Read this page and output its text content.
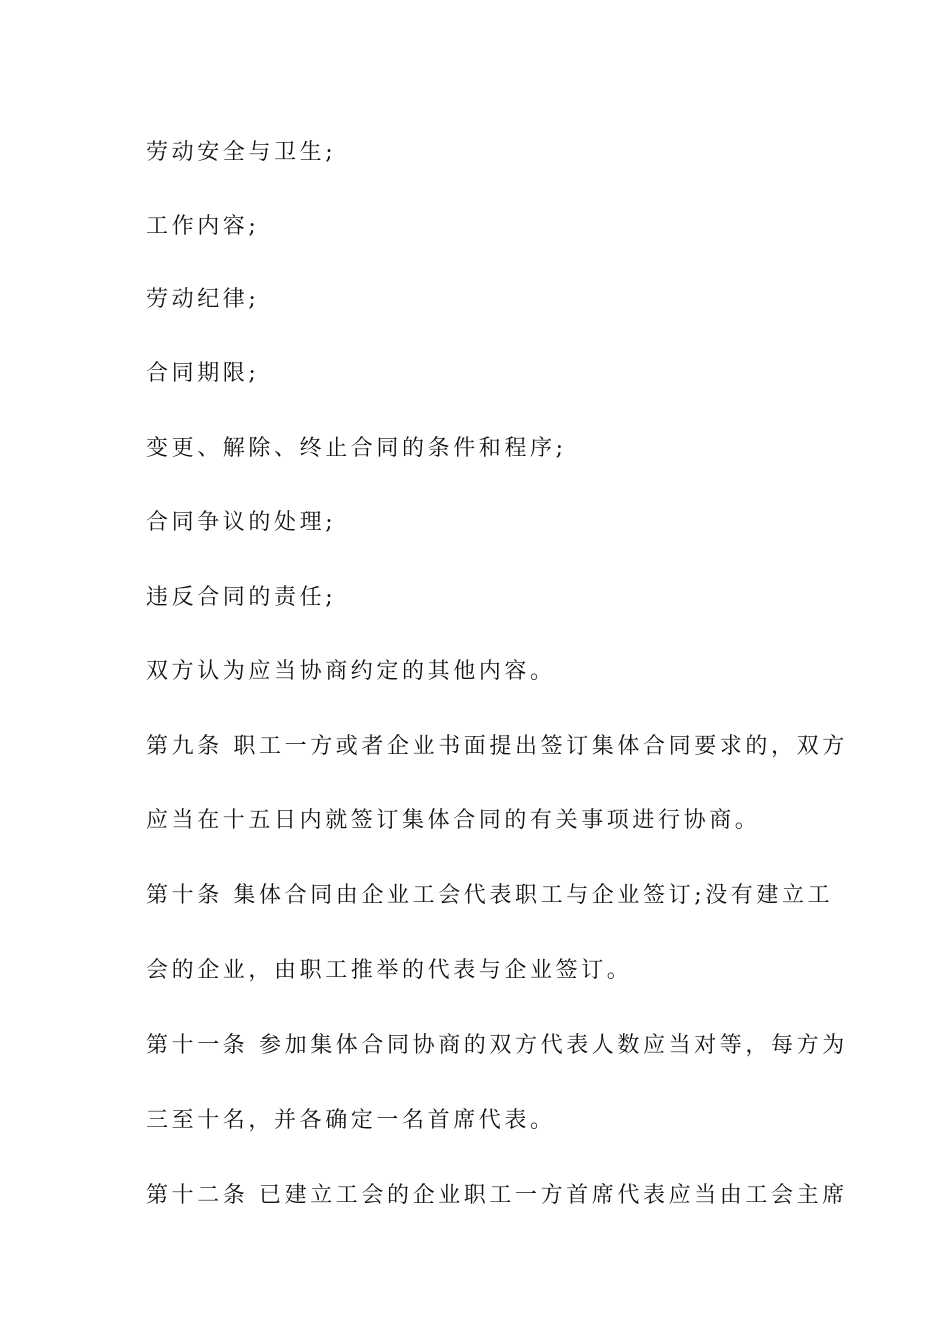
劳动安全与卫生;
工作内容;
劳动纪律;
合同期限;
变更、解除、终止合同的条件和程序;
合同争议的处理;
违反合同的责任;
双方认为应当协商约定的其他内容。
第九条 职工一方或者企业书面提出签订集体合同要求的，双方
应当在十五日内就签订集体合同的有关事项进行协商。
第十条 集体合同由企业工会代表职工与企业签订;没有建立工
会的企业，由职工推举的代表与企业签订。
第十一条 参加集体合同协商的双方代表人数应当对等，每方为
三至十名，并各确定一名首席代表。
第十二条 已建立工会的企业职工一方首席代表应当由工会主席
